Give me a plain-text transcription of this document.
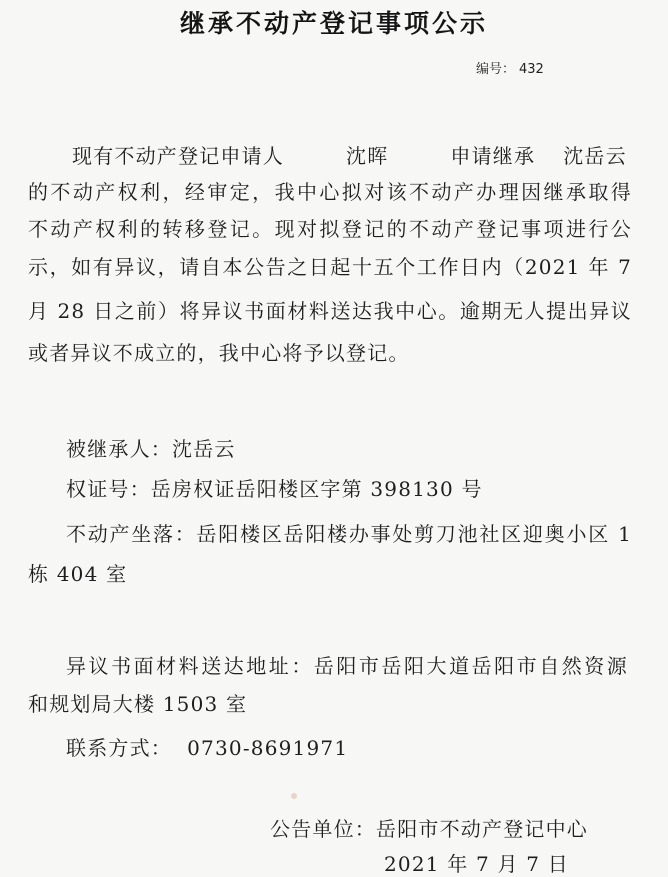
继承不动产登记事项公示
编号： 432
现有不动产登记申请人	沈晖	申请继承 沈岳云
的不动产权利，经审定，我中心拟对该不动产办理因继承取得
不动产权利的转移登记。现对拟登记的不动产登记事项进行公
示，如有异议，请自本公告之日起十五个工作日内（2021 年 7
月 28 日之前）将异议书面材料送达我中心。逾期无人提出异议
或者异议不成立的，我中心将予以登记。
被继承人：沈岳云
权证号：岳房权证岳阳楼区字第 398130 号
不动产坐落：岳阳楼区岳阳楼办事处剪刀池社区迎奥小区 1
栋 404 室
异议书面材料送达地址：岳阳市岳阳大道岳阳市自然资源
和规划局大楼 1503 室
联系方式：  0730-8691971
公告单位：岳阳市不动产登记中心
2021 年 7 月 7 日
